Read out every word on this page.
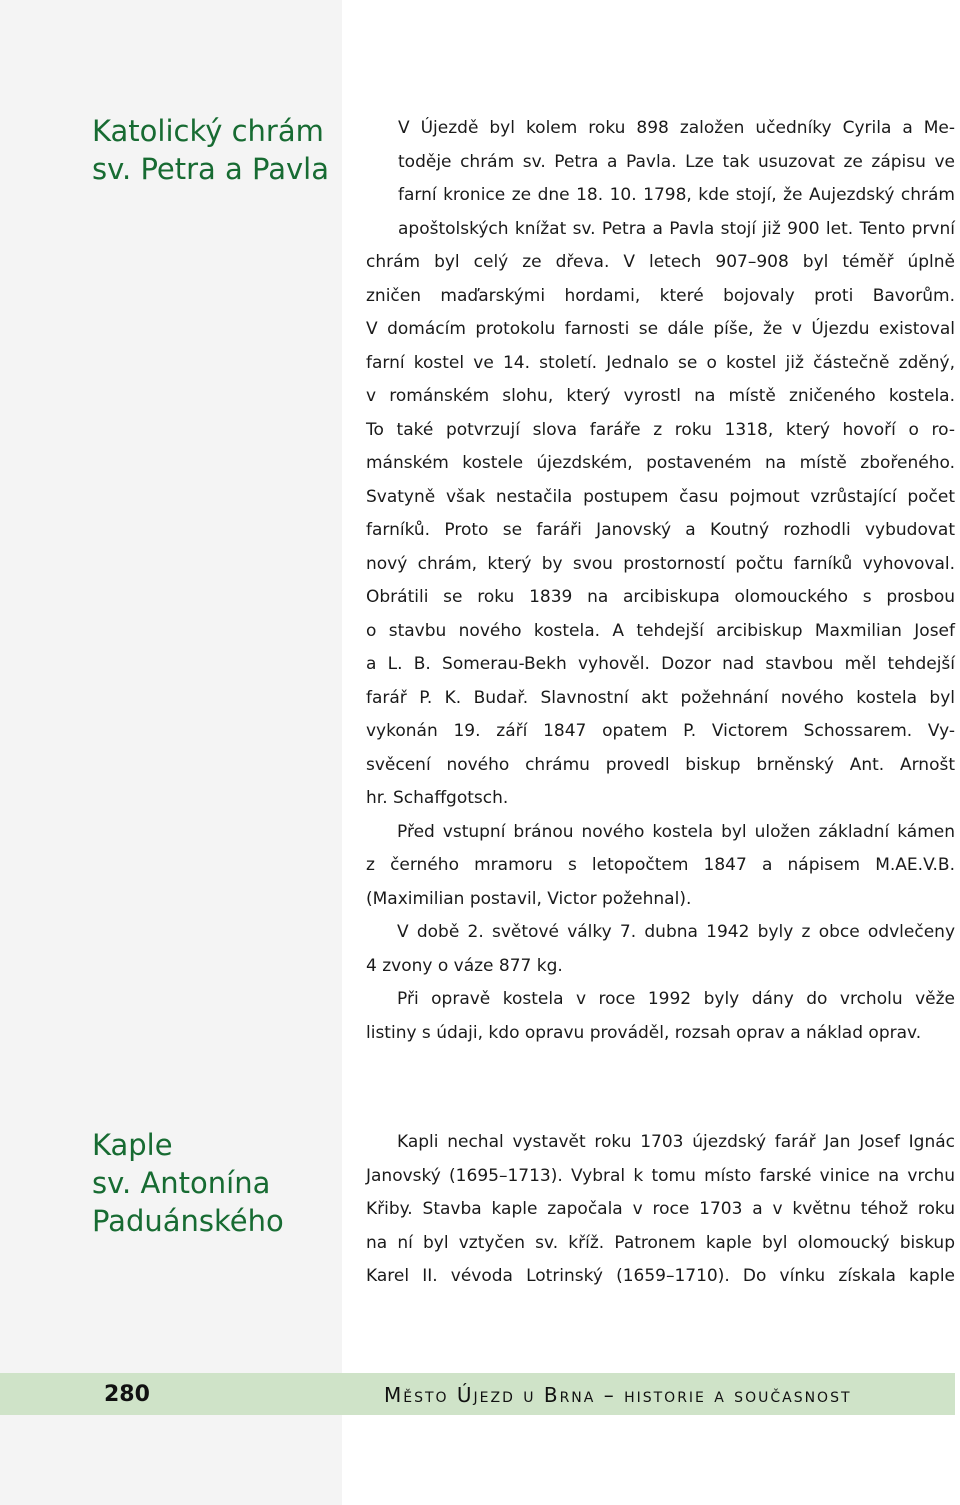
Katolický chrám
sv. Petra a Pavla

V Újezdě byl kolem roku 898 založen učedníky Cyrila a Me-
toděje chrám sv. Petra a Pavla. Lze tak usuzovat ze zápisu ve
farní kronice ze dne 18. 10. 1798, kde stojí, že Aujezdský chrám
apoštolských knížat sv. Petra a Pavla stojí již 900 let. Tento první
chrám byl celý ze dřeva. V letech 907–908 byl téměř úplně
zničen maďarskými hordami, které bojovaly proti Bavorům.
V domácím protokolu farnosti se dále píše, že v Újezdu existoval
farní kostel ve 14. století. Jednalo se o kostel již částečně zděný,
v románském slohu, který vyrostl na místě zničeného kostela.
To také potvrzují slova faráře z roku 1318, který hovoří o ro-
mánském kostele újezdském, postaveném na místě zbořeného.
Svatyně však nestačila postupem času pojmout vzrůstající počet
farníků. Proto se faráři Janovský a Koutný rozhodli vybudovat
nový chrám, který by svou prostorností počtu farníků vyhovoval.
Obrátili se roku 1839 na arcibiskupa olomouckého s prosbou
o stavbu nového kostela. A tehdejší arcibiskup Maxmilian Josef
a L. B. Somerau-Bekh vyhověl. Dozor nad stavbou měl tehdejší
farář P. K. Budař. Slavnostní akt požehnání nového kostela byl
vykonán 19. září 1847 opatem P. Victorem Schossarem. Vy-
svěcení nového chrámu provedl biskup brněnský Ant. Arnošt
hr. Schaffgotsch.

Před vstupní bránou nového kostela byl uložen základní kámen
z černého mramoru s letopočtem 1847 a nápisem M.AE.V.B.
(Maximilian postavil, Victor požehnal).

V době 2. světové války 7. dubna 1942 byly z obce odvlečeny
4 zvony o váze 877 kg.

Při opravě kostela v roce 1992 byly dány do vrcholu věže
listiny s údaji, kdo opravu prováděl, rozsah oprav a náklad oprav.

Kaple
sv. Antonína
Paduánského

Kapli nechal vystavět roku 1703 újezdský farář Jan Josef Ignác
Janovský (1695–1713). Vybral k tomu místo farské vinice na vrchu
Křiby. Stavba kaple započala v roce 1703 a v květnu téhož roku
na ní byl vztyčen sv. kříž. Patronem kaple byl olomoucký biskup
Karel II. vévoda Lotrinský (1659–1710). Do vínku získala kaple

280	Město Újezd u Brna – historie a současnost
